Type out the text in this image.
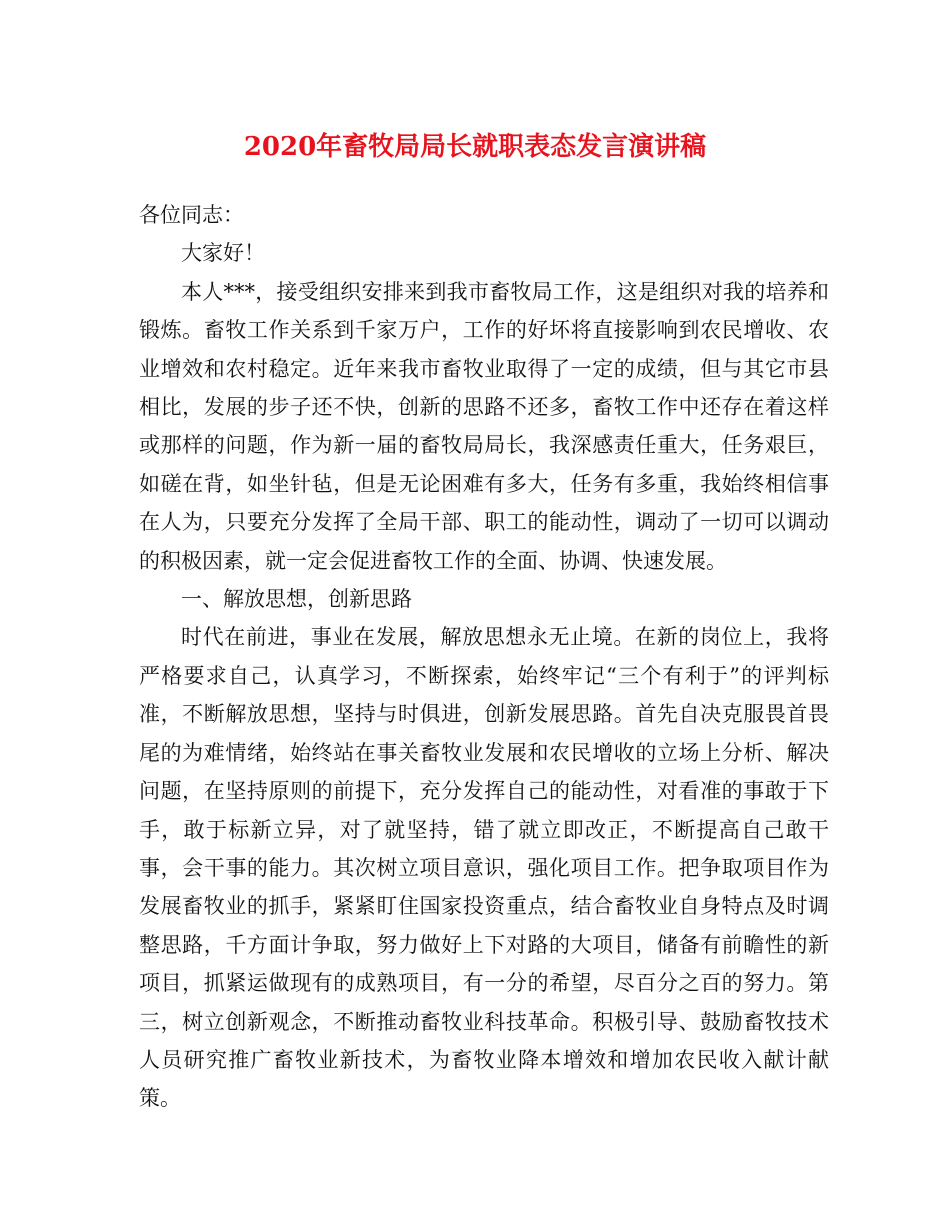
2020年畜牧局局长就职表态发言演讲稿

各位同志：

大家好！

本人***，接受组织安排来到我市畜牧局工作，这是组织对我的培养和锻炼。畜牧工作关系到千家万户，工作的好坏将直接影响到农民增收、农业增效和农村稳定。近年来我市畜牧业取得了一定的成绩，但与其它市县相比，发展的步子还不快，创新的思路不还多，畜牧工作中还存在着这样或那样的问题，作为新一届的畜牧局局长，我深感责任重大，任务艰巨，如磋在背，如坐针毡，但是无论困难有多大，任务有多重，我始终相信事在人为，只要充分发挥了全局干部、职工的能动性，调动了一切可以调动的积极因素，就一定会促进畜牧工作的全面、协调、快速发展。

一、解放思想，创新思路

时代在前进，事业在发展，解放思想永无止境。在新的岗位上，我将严格要求自己，认真学习，不断探索，始终牢记“三个有利于”的评判标准，不断解放思想，坚持与时俱进，创新发展思路。首先自决克服畏首畏尾的为难情绪，始终站在事关畜牧业发展和农民增收的立场上分析、解决问题，在坚持原则的前提下，充分发挥自己的能动性，对看准的事敢于下手，敢于标新立异，对了就坚持，错了就立即改正，不断提高自己敢干事，会干事的能力。其次树立项目意识，强化项目工作。把争取项目作为发展畜牧业的抓手，紧紧盯住国家投资重点，结合畜牧业自身特点及时调整思路，千方面计争取，努力做好上下对路的大项目，储备有前瞻性的新项目，抓紧运做现有的成熟项目，有一分的希望，尽百分之百的努力。第三，树立创新观念，不断推动畜牧业科技革命。积极引导、鼓励畜牧技术人员研究推广畜牧业新技术，为畜牧业降本增效和增加农民收入献计献策。
